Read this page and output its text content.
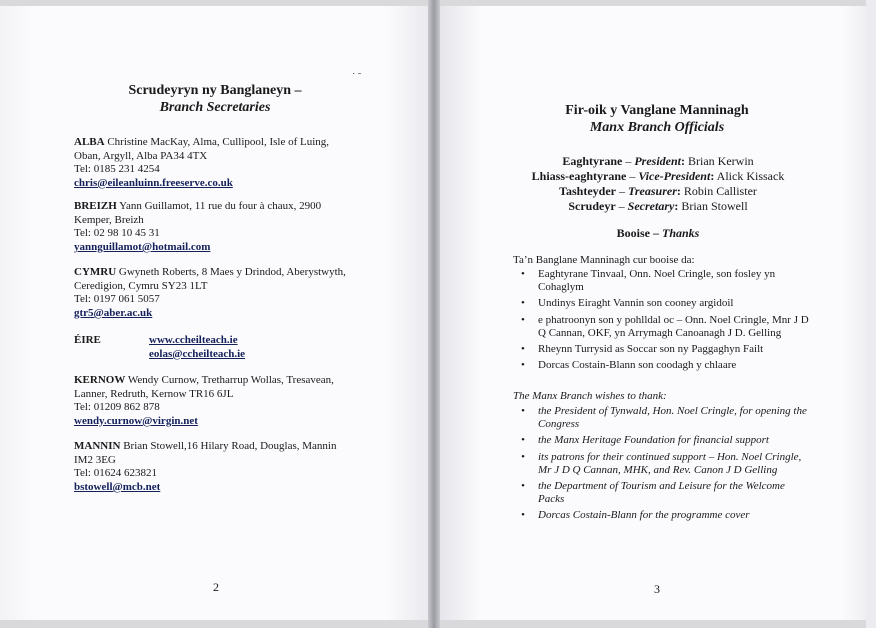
˙ ̃
Scrudeyryn ny Banglaneyn –
Branch Secretaries
ALBA Christine MacKay, Alma, Cullipool, Isle of Luing,
Oban, Argyll, Alba PA34 4TX
Tel: 0185 231 4254
chris@eileanluinn.freeserve.co.uk
BREIZH Yann Guillamot, 11 rue du four à chaux, 2900
Kemper, Breizh
Tel: 02 98 10 45 31
yannguillamot@hotmail.com
CYMRU Gwyneth Roberts, 8 Maes y Drindod, Aberystwyth,
Ceredigion, Cymru SY23 1LT
Tel: 0197 061 5057
gtr5@aber.ac.uk
ÉIRE	www.ccheilteach.ie
eolas@ccheilteach.ie
KERNOW Wendy Curnow, Tretharrup Wollas, Tresavean,
Lanner, Redruth, Kernow TR16 6JL
Tel: 01209 862 878
wendy.curnow@virgin.net
MANNIN Brian Stowell,16 Hilary Road, Douglas, Mannin
IM2 3EG
Tel: 01624 623821
bstowell@mcb.net
2
Fir-oik y Vanglane Manninagh
Manx Branch Officials
Eaghtyrane – President: Brian Kerwin
Lhiass-eaghtyrane – Vice-President: Alick Kissack
Tashteyder – Treasurer: Robin Callister
Scrudeyr – Secretary: Brian Stowell
Booise – Thanks
Ta’n Banglane Manninagh cur booise da:
• Eaghtyrane Tinvaal, Onn. Noel Cringle, son fosley yn Cohaglym
• Undinys Eiraght Vannin son cooney argidoil
• e phatroonyn son y pohlldal oc – Onn. Noel Cringle, Mnr J D Q Cannan, OKF, yn Arrymagh Canoanagh J D. Gelling
• Rheynn Turrysid as Soccar son ny Paggaghyn Failt
• Dorcas Costain-Blann son coodagh y chlaare
The Manx Branch wishes to thank:
• the President of Tynwald, Hon. Noel Cringle, for opening the Congress
• the Manx Heritage Foundation for financial support
• its patrons for their continued support – Hon. Noel Cringle, Mr J D Q Cannan, MHK, and Rev. Canon J D Gelling
• the Department of Tourism and Leisure for the Welcome Packs
• Dorcas Costain-Blann for the programme cover
3
